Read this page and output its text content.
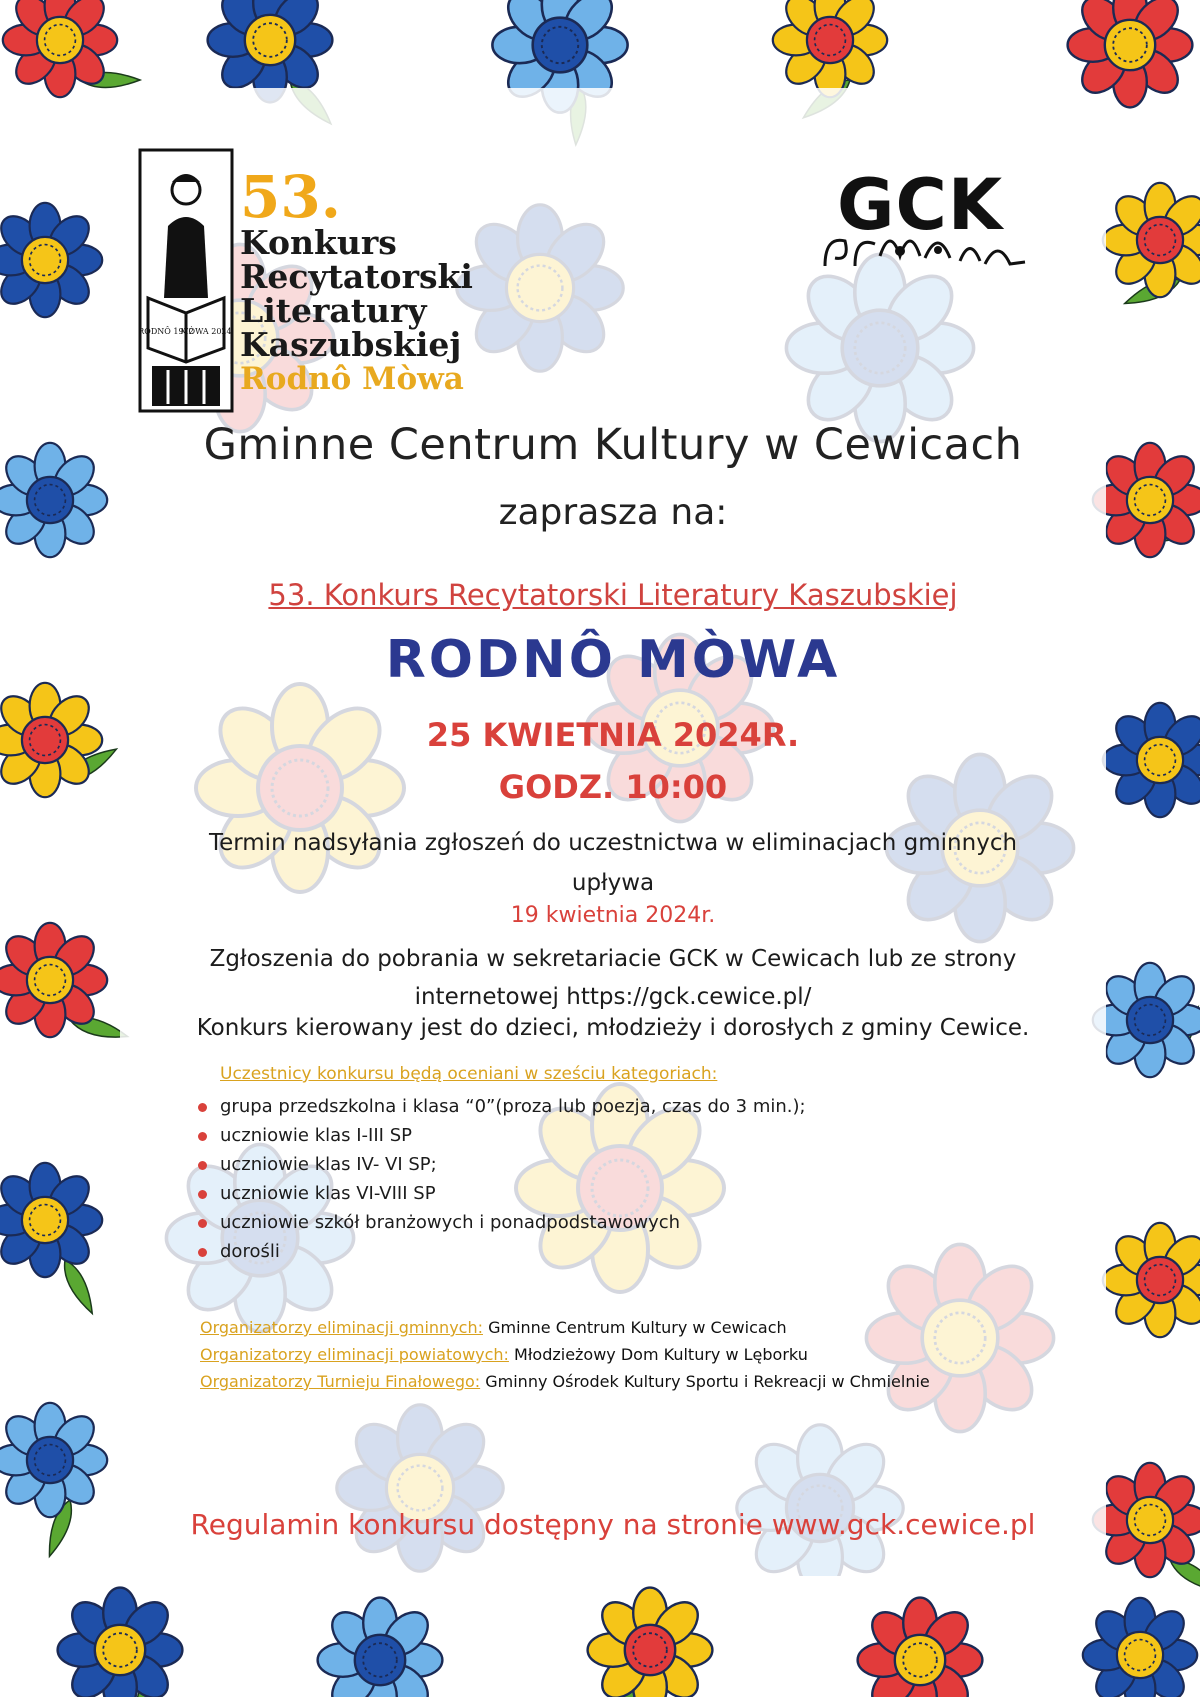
RODNÔ 1972
MÒWA 2024
53.
Konkurs
Recytatorski
Literatury
Kaszubskiej
Rodnô Mòwa
GCK
Gminne Centrum Kultury w Cewicach
zaprasza na:
53. Konkurs Recytatorski Literatury Kaszubskiej
RODNÔ MÒWA
25 KWIETNIA 2024R.
GODZ. 10:00
Termin nadsyłania zgłoszeń do uczestnictwa w eliminacjach gminnych
upływa
19 kwietnia 2024r.
Zgłoszenia do pobrania w sekretariacie GCK w Cewicach lub ze strony
internetowej https://gck.cewice.pl/
Konkurs kierowany jest do dzieci, młodzieży i dorosłych z gminy Cewice.
Uczestnicy konkursu będą oceniani w sześciu kategoriach:
grupa przedszkolna i klasa “0”(proza lub poezja, czas do 3 min.);
uczniowie klas I-III SP
uczniowie klas IV- VI SP;
uczniowie klas VI-VIII SP
uczniowie szkół branżowych i ponadpodstawowych
dorośli
Organizatorzy eliminacji gminnych: Gminne Centrum Kultury w Cewicach
Organizatorzy eliminacji powiatowych: Młodzieżowy Dom Kultury w Lęborku
Organizatorzy Turnieju Finałowego: Gminny Ośrodek Kultury Sportu i Rekreacji w Chmielnie
Regulamin konkursu dostępny na stronie www.gck.cewice.pl
